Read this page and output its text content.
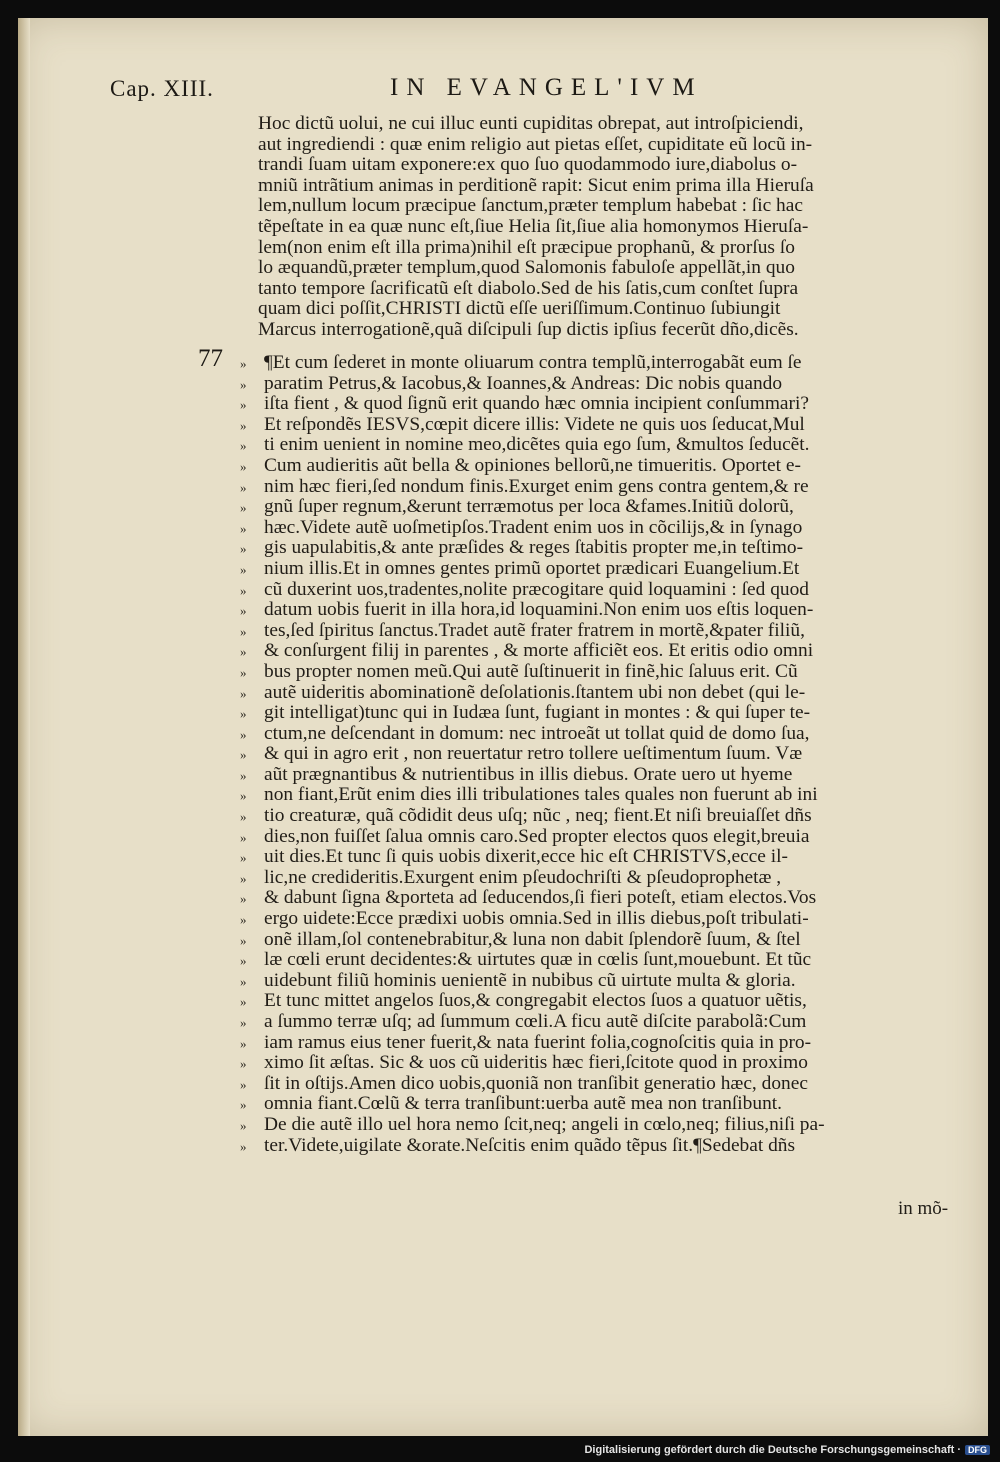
Cap. XIII.	IN EVANGEL'IVM
Hoc dictũ uolui, ne cui illuc eunti cupiditas obrepat, aut introſpiciendi,
aut ingrediendi : quæ enim religio aut pietas eſſet, cupiditate eũ locũ in-
trandi ſuam uitam exponere:ex quo ſuo quodammodo iure,diabolus o-
mniũ intrãtium animas in perditionẽ rapit: Sicut enim prima illa Hieruſa
lem,nullum locum præcipue ſanctum,præter templum habebat : ſic hac
tẽpeſtate in ea quæ nunc eſt,ſiue Helia ſit,ſiue alia homonymos Hieruſa-
lem(non enim eſt illa prima)nihil eſt præcipue prophanũ, & prorſus ſo
lo æquandũ,præter templum,quod Salomonis fabuloſe appellãt,in quo
tanto tempore ſacrificatũ eſt diabolo.Sed de his ſatis,cum conſtet ſupra
quam dici poſſit,CHRISTI dictũ eſſe ueriſſimum.Continuo ſubiungit
Marcus interrogationẽ,quã diſcipuli ſup dictis ipſius fecerũt dño,dicẽs.
77 » ¶Et cum ſederet in monte oliuarum contra templũ,interrogabãt eum ſe
» paratim Petrus,& Iacobus,& Ioannes,& Andreas: Dic nobis quando
» iſta fient , & quod ſignũ erit quando hæc omnia incipient conſummari?
» Et reſpondẽs IESVS,cœpit dicere illis: Videte ne quis uos ſeducat,Mul
» ti enim uenient in nomine meo,dicẽtes quia ego ſum, &multos ſeducẽt.
» Cum audieritis aũt bella & opiniones bellorũ,ne timueritis. Oportet e-
» nim hæc fieri,ſed nondum finis.Exurget enim gens contra gentem,& re
» gnũ ſuper regnum,&erunt terræmotus per loca &fames.Initiũ dolorũ,
» hæc.Videte autẽ uoſmetipſos.Tradent enim uos in cõcilijs,& in ſynago
» gis uapulabitis,& ante præſides & reges ſtabitis propter me,in teſtimo-
» nium illis.Et in omnes gentes primũ oportet prædicari Euangelium.Et
» cũ duxerint uos,tradentes,nolite præcogitare quid loquamini : ſed quod
» datum uobis fuerit in illa hora,id loquamini.Non enim uos eſtis loquen-
» tes,ſed ſpiritus ſanctus.Tradet autẽ frater fratrem in mortẽ,&pater filiũ,
» & conſurgent filij in parentes , & morte afficiẽt eos. Et eritis odio omni
» bus propter nomen meũ.Qui autẽ ſuſtinuerit in finẽ,hic ſaluus erit. Cũ
» autẽ uideritis abominationẽ deſolationis.ſtantem ubi non debet (qui le-
» git intelligat)tunc qui in Iudæa ſunt, fugiant in montes : & qui ſuper te-
» ctum,ne deſcendant in domum: nec introeãt ut tollat quid de domo ſua,
» & qui in agro erit , non reuertatur retro tollere ueſtimentum ſuum. Væ
» aũt prægnantibus & nutrientibus in illis diebus. Orate uero ut hyeme
» non fiant,Erũt enim dies illi tribulationes tales quales non fuerunt ab ini
» tio creaturæ, quã cõdidit deus uſq; nũc , neq; fient.Et niſi breuiaſſet dñs
» dies,non fuiſſet ſalua omnis caro.Sed propter electos quos elegit,breuia
» uit dies.Et tunc ſi quis uobis dixerit,ecce hic eſt CHRISTVS,ecce il-
» lic,ne credideritis.Exurgent enim pſeudochriſti & pſeudoprophetæ ,
» & dabunt ſigna &porteta ad ſeducendos,ſi fieri poteſt, etiam electos.Vos
» ergo uidete:Ecce prædixi uobis omnia.Sed in illis diebus,poſt tribulati-
» onẽ illam,ſol contenebrabitur,& luna non dabit ſplendorẽ ſuum, & ſtel
» læ cœli erunt decidentes:& uirtutes quæ in cœlis ſunt,mouebunt. Et tũc
» uidebunt filiũ hominis uenientẽ in nubibus cũ uirtute multa & gloria.
» Et tunc mittet angelos ſuos,& congregabit electos ſuos a quatuor uẽtis,
» a ſummo terræ uſq; ad ſummum cœli.A ficu autẽ diſcite parabolã:Cum
» iam ramus eius tener fuerit,& nata fuerint folia,cognoſcitis quia in pro-
» ximo ſit æſtas. Sic & uos cũ uideritis hæc fieri,ſcitote quod in proximo
» ſit in oſtijs.Amen dico uobis,quoniã non tranſibit generatio hæc, donec
» omnia fiant.Cœlũ & terra tranſibunt:uerba autẽ mea non tranſibunt.
» De die autẽ illo uel hora nemo ſcit,neq; angeli in cœlo,neq; filius,niſi pa-
» ter.Videte,uigilate &orate.Neſcitis enim quãdo tẽpus ſit.¶Sedebat dñs
in mõ-
Digitalisierung gefördert durch die Deutsche Forschungsgemeinschaft · DFG
